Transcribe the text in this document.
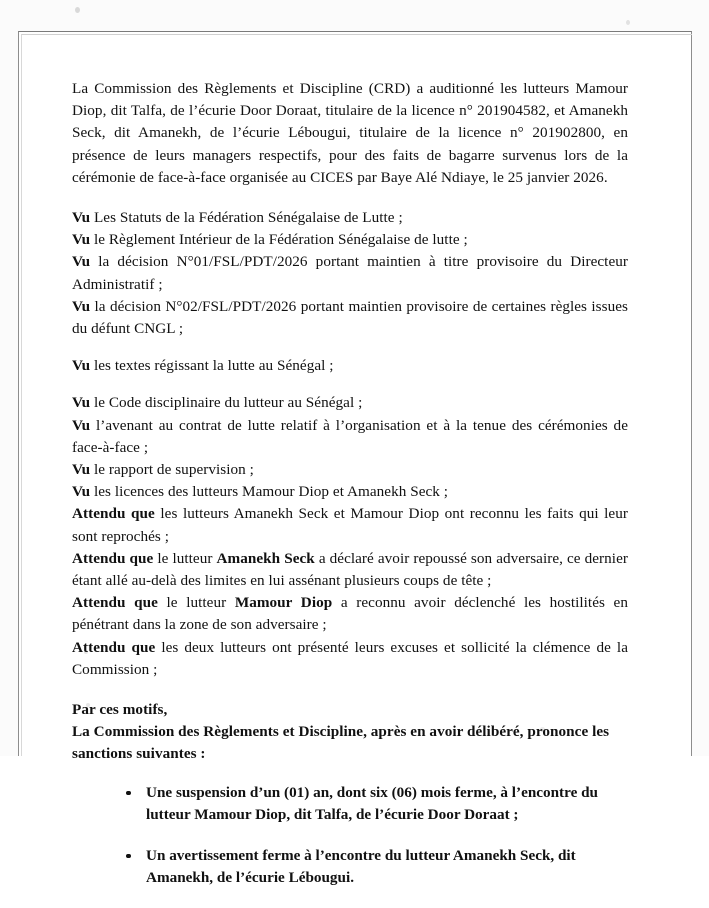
La Commission des Règlements et Discipline (CRD) a auditionné les lutteurs Mamour Diop, dit Talfa, de l’écurie Door Doraat, titulaire de la licence n° 201904582, et Amanekh Seck, dit Amanekh, de l’écurie Lébougui, titulaire de la licence n° 201902800, en présence de leurs managers respectifs, pour des faits de bagarre survenus lors de la cérémonie de face-à-face organisée au CICES par Baye Alé Ndiaye, le 25 janvier 2026.

Vu Les Statuts de la Fédération Sénégalaise de Lutte ;

Vu le Règlement Intérieur de la Fédération Sénégalaise de lutte ;

Vu la décision N°01/FSL/PDT/2026 portant maintien à titre provisoire du Directeur Administratif ;

Vu la décision N°02/FSL/PDT/2026 portant maintien provisoire de certaines règles issues du défunt CNGL ;

Vu les textes régissant la lutte au Sénégal ;

Vu le Code disciplinaire du lutteur au Sénégal ;

Vu l’avenant au contrat de lutte relatif à l’organisation et à la tenue des cérémonies de face-à-face ;

Vu le rapport de supervision ;

Vu les licences des lutteurs Mamour Diop et Amanekh Seck ;

Attendu que les lutteurs Amanekh Seck et Mamour Diop ont reconnu les faits qui leur sont reprochés ;

Attendu que le lutteur Amanekh Seck a déclaré avoir repoussé son adversaire, ce dernier étant allé au-delà des limites en lui assénant plusieurs coups de tête ;

Attendu que le lutteur Mamour Diop a reconnu avoir déclenché les hostilités en pénétrant dans la zone de son adversaire ;

Attendu que les deux lutteurs ont présenté leurs excuses et sollicité la clémence de la Commission ;

Par ces motifs,

La Commission des Règlements et Discipline, après en avoir délibéré, prononce les sanctions suivantes :

Une suspension d’un (01) an, dont six (06) mois ferme, à l’encontre du lutteur Mamour Diop, dit Talfa, de l’écurie Door Doraat ;
Un avertissement ferme à l’encontre du lutteur Amanekh Seck, dit Amanekh, de l’écurie Lébougui.
